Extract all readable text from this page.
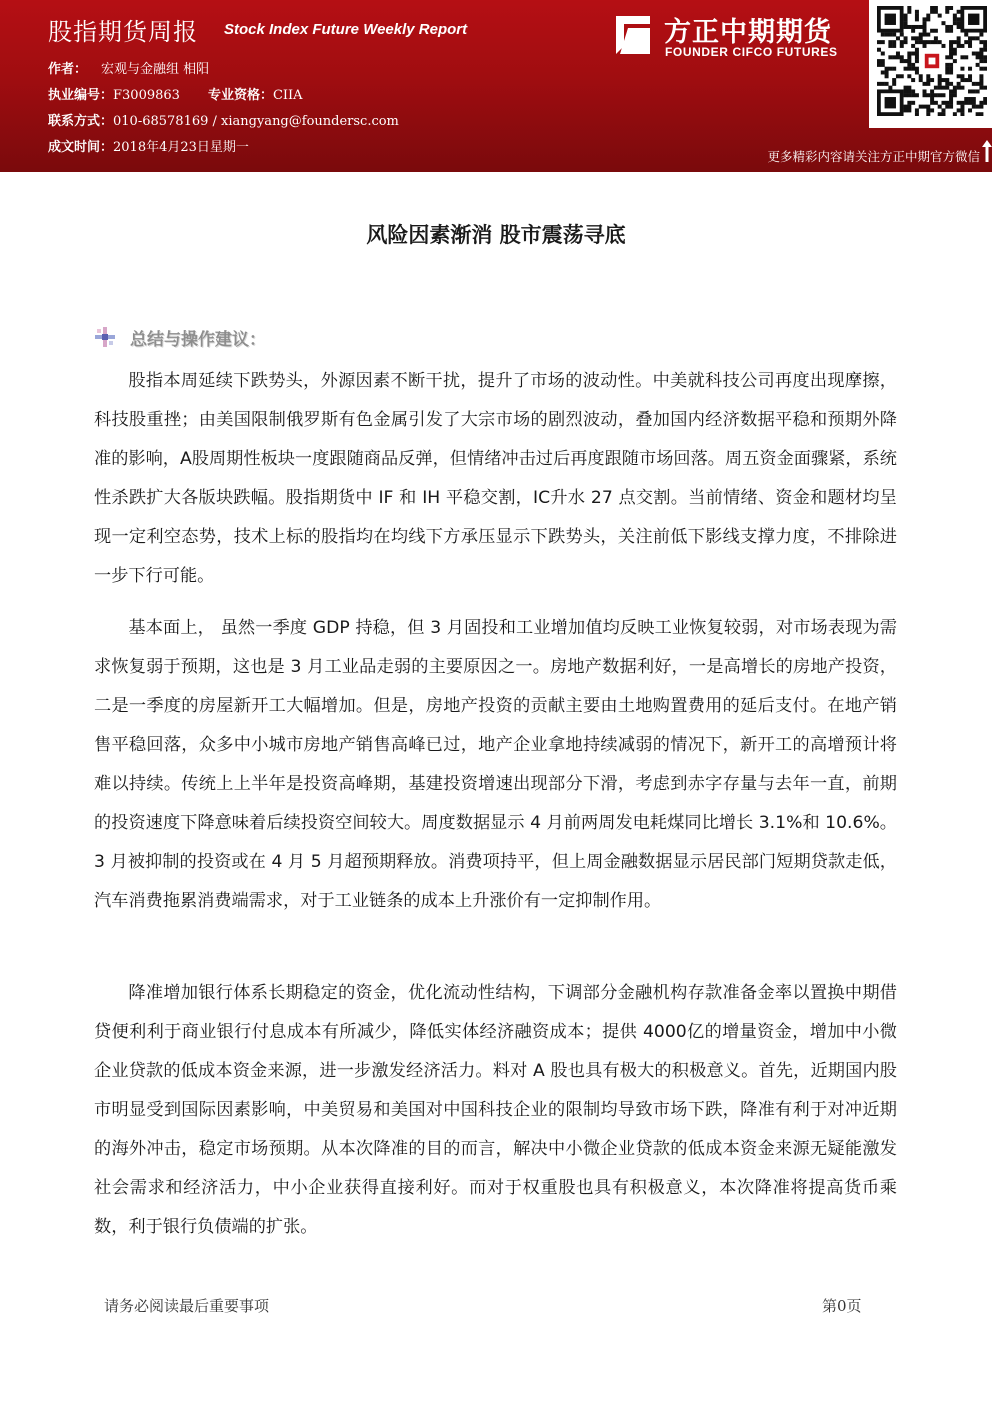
股指期货周报 Stock Index Future Weekly Report
作者： 宏观与金融组 相阳
执业编号：F3009863 专业资格：CIIA
联系方式：010-68578169 / xiangyang@foundersc.com
成文时间：2018年4月23日星期一
方正中期期货
FOUNDER CIFCO FUTURES
更多精彩内容请关注方正中期官方微信
风险因素渐消 股市震荡寻底
总结与操作建议：

股指本周延续下跌势头，外源因素不断干扰，提升了市场的波动性。中美就科技公司再度出现摩擦，科技股重挫；由美国限制俄罗斯有色金属引发了大宗市场的剧烈波动，叠加国内经济数据平稳和预期外降准的影响，A股周期性板块一度跟随商品反弹，但情绪冲击过后再度跟随市场回落。周五资金面骤紧，系统性杀跌扩大各版块跌幅。股指期货中 IF 和 IH 平稳交割，IC升水 27 点交割。当前情绪、资金和题材均呈现一定利空态势，技术上标的股指均在均线下方承压显示下跌势头，关注前低下影线支撑力度，不排除进一步下行可能。

基本面上， 虽然一季度 GDP 持稳，但 3 月固投和工业增加值均反映工业恢复较弱，对市场表现为需求恢复弱于预期，这也是 3 月工业品走弱的主要原因之一。房地产数据利好，一是高增长的房地产投资，二是一季度的房屋新开工大幅增加。但是，房地产投资的贡献主要由土地购置费用的延后支付。在地产销售平稳回落，众多中小城市房地产销售高峰已过，地产企业拿地持续减弱的情况下，新开工的高增预计将难以持续。传统上上半年是投资高峰期，基建投资增速出现部分下滑，考虑到赤字存量与去年一直，前期的投资速度下降意味着后续投资空间较大。周度数据显示 4 月前两周发电耗煤同比增长 3.1%和 10.6%。3 月被抑制的投资或在 4 月 5 月超预期释放。消费项持平，但上周金融数据显示居民部门短期贷款走低，汽车消费拖累消费端需求，对于工业链条的成本上升涨价有一定抑制作用。

降准增加银行体系长期稳定的资金，优化流动性结构，下调部分金融机构存款准备金率以置换中期借贷便利利于商业银行付息成本有所减少，降低实体经济融资成本；提供 4000亿的增量资金，增加中小微企业贷款的低成本资金来源，进一步激发经济活力。料对 A 股也具有极大的积极意义。首先，近期国内股市明显受到国际因素影响，中美贸易和美国对中国科技企业的限制均导致市场下跌，降准有利于对冲近期的海外冲击，稳定市场预期。从本次降准的目的而言，解决中小微企业贷款的低成本资金来源无疑能激发社会需求和经济活力，中小企业获得直接利好。而对于权重股也具有积极意义，本次降准将提高货币乘数，利于银行负债端的扩张。

请务必阅读最后重要事项	第0页
